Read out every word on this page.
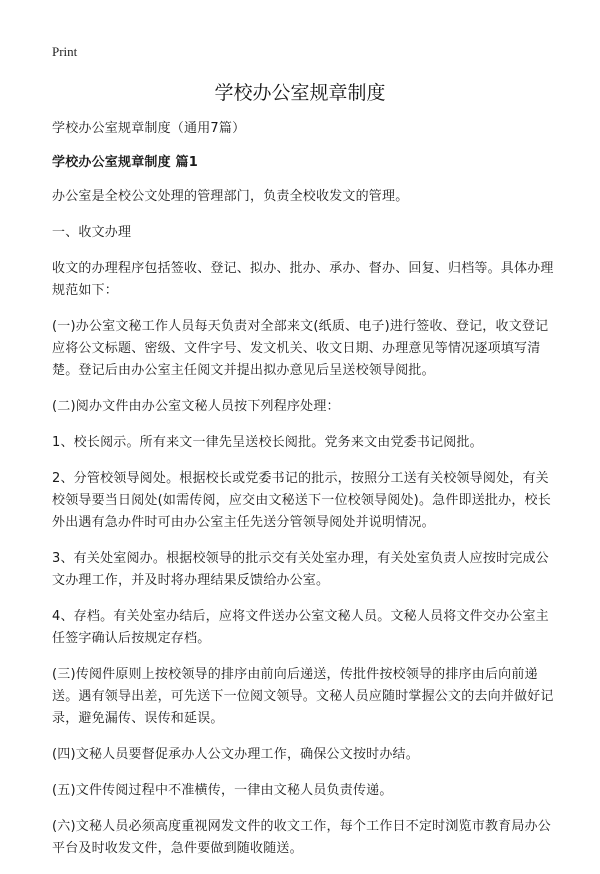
Print
学校办公室规章制度

学校办公室规章制度（通用7篇）

学校办公室规章制度 篇1

办公室是全校公文处理的管理部门，负责全校收发文的管理。

一、收文办理

收文的办理程序包括签收、登记、拟办、批办、承办、督办、回复、归档等。具体办理规范如下：

(一)办公室文秘工作人员每天负责对全部来文(纸质、电子)进行签收、登记，收文登记应将公文标题、密级、文件字号、发文机关、收文日期、办理意见等情况逐项填写清楚。登记后由办公室主任阅文并提出拟办意见后呈送校领导阅批。

(二)阅办文件由办公室文秘人员按下列程序处理：

1、校长阅示。所有来文一律先呈送校长阅批。党务来文由党委书记阅批。

2、分管校领导阅处。根据校长或党委书记的批示，按照分工送有关校领导阅处，有关校领导要当日阅处(如需传阅，应交由文秘送下一位校领导阅处)。急件即送批办，校长外出遇有急办件时可由办公室主任先送分管领导阅处并说明情况。

3、有关处室阅办。根据校领导的批示交有关处室办理，有关处室负责人应按时完成公文办理工作，并及时将办理结果反馈给办公室。

4、存档。有关处室办结后，应将文件送办公室文秘人员。文秘人员将文件交办公室主任签字确认后按规定存档。

(三)传阅件原则上按校领导的排序由前向后递送，传批件按校领导的排序由后向前递送。遇有领导出差，可先送下一位阅文领导。文秘人员应随时掌握公文的去向并做好记录，避免漏传、误传和延误。

(四)文秘人员要督促承办人公文办理工作，确保公文按时办结。

(五)文件传阅过程中不准横传，一律由文秘人员负责传递。

(六)文秘人员必须高度重视网发文件的收文工作，每个工作日不定时浏览市教育局办公平台及时收发文件，急件要做到随收随送。
